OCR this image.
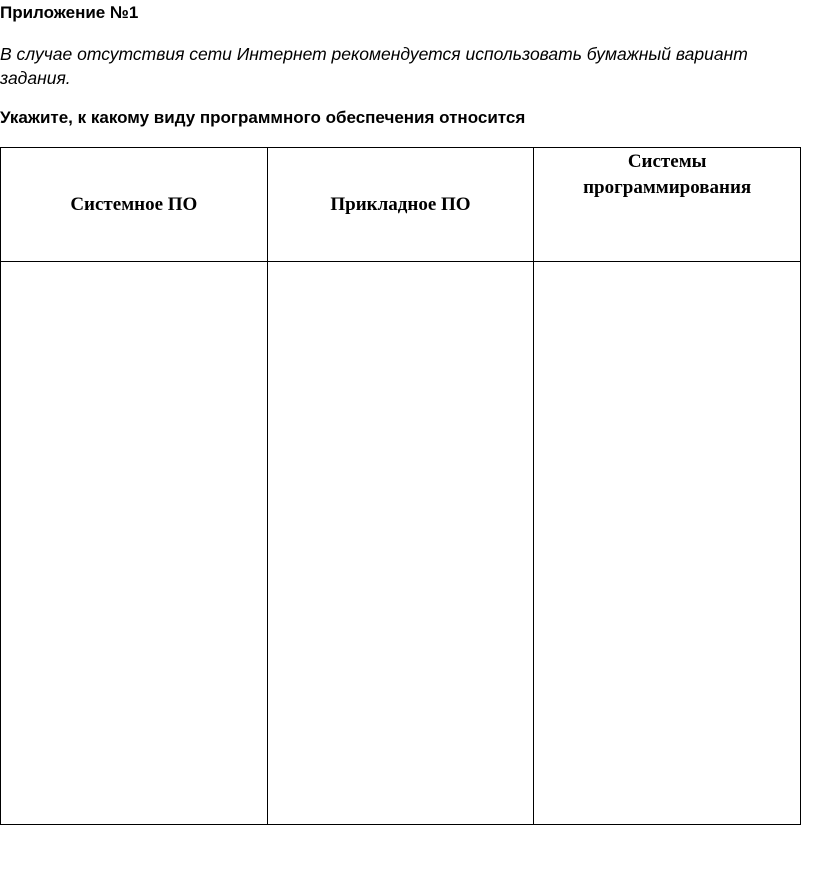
Приложение №1
В случае отсутствия сети Интернет рекомендуется использовать бумажный вариант задания.
Укажите, к какому виду программного обеспечения относится
Системное ПО	Прикладное ПО	Системы программирования
